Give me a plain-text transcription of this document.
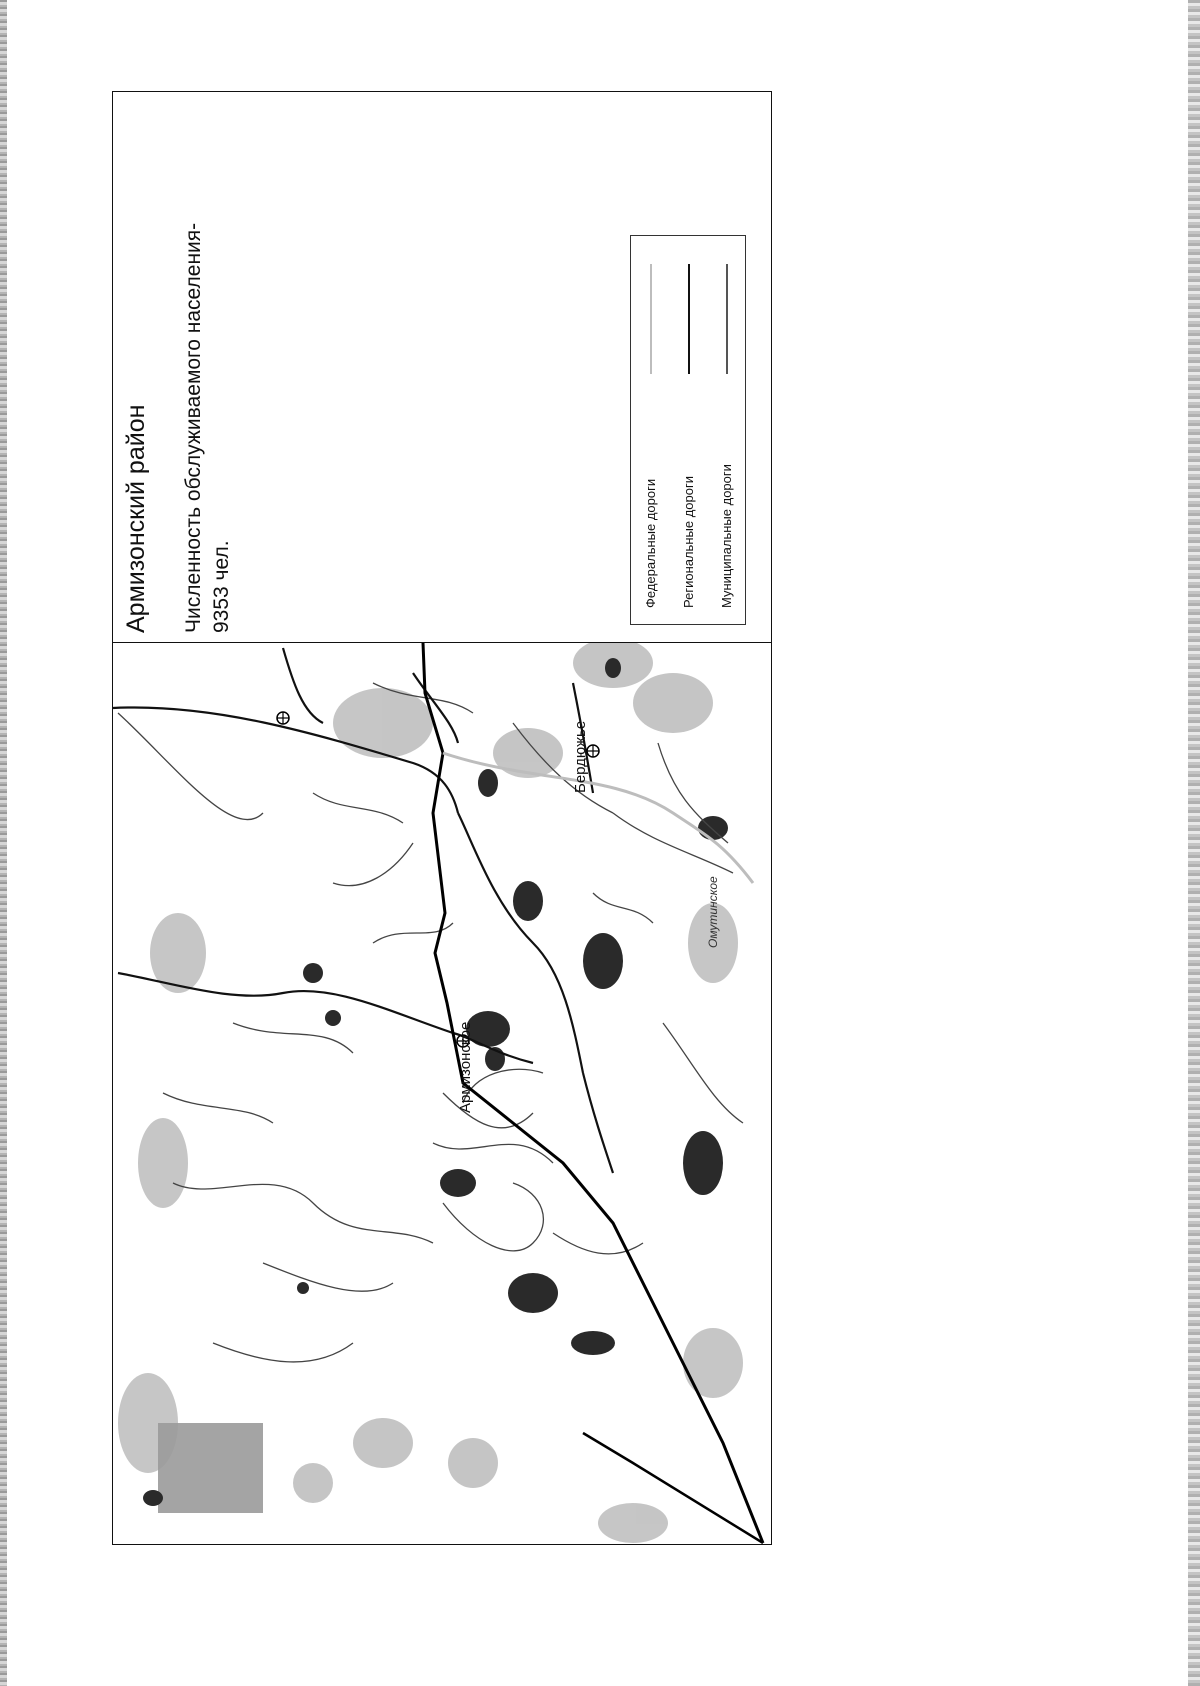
Армизонский район Численность обслуживаемого населения- 9353 чел.	Федеральные дороги Региональные дороги Муниципальные дороги
Армизонское
Бердюжье
Омутинское
